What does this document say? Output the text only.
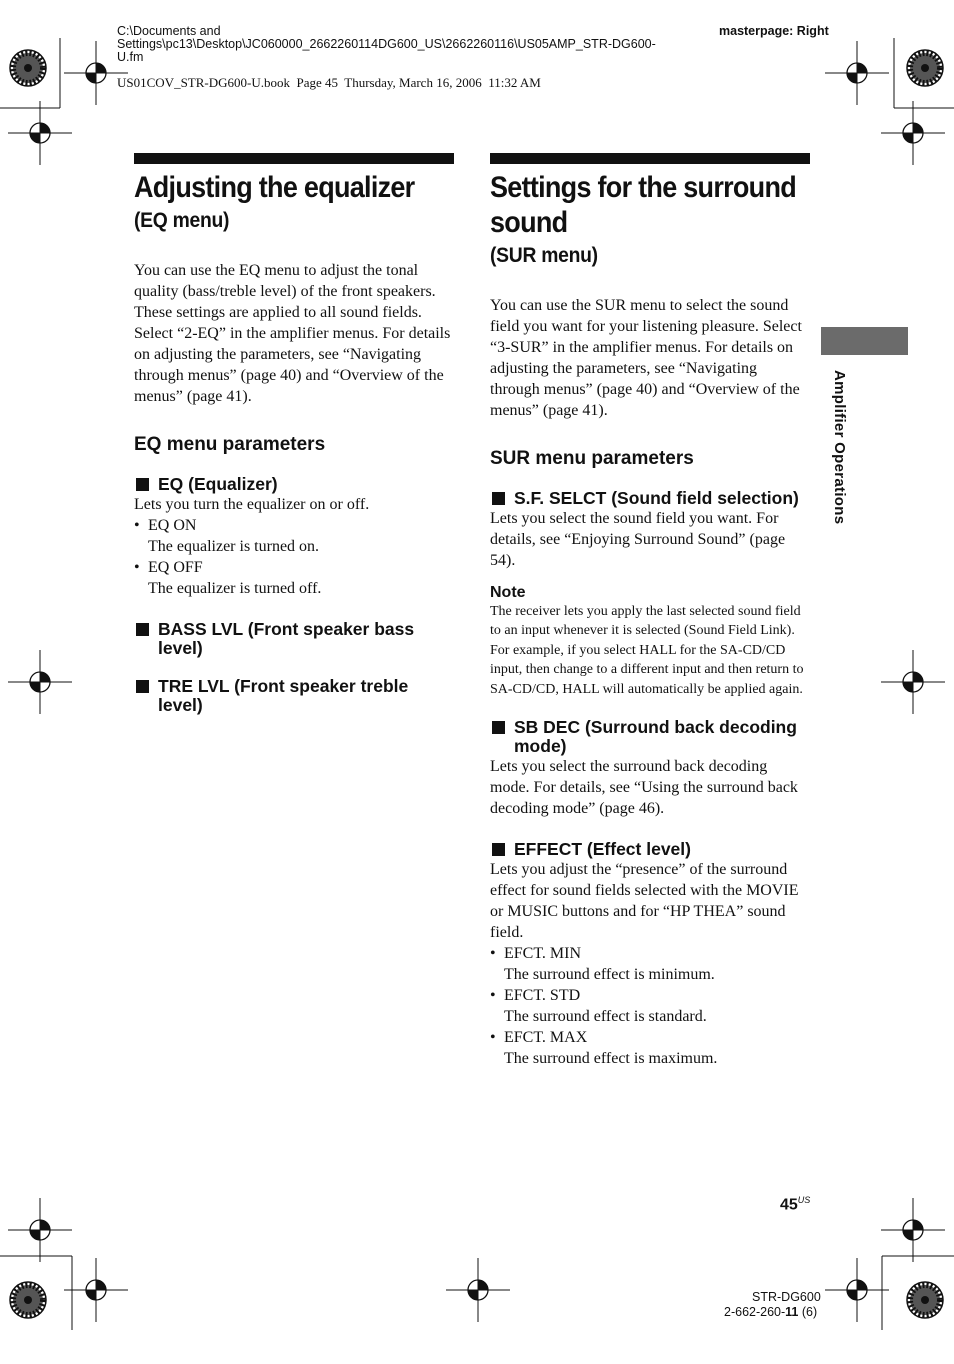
C:\Documents and
Settings\pc13\Desktop\JC060000_2662260114DG600_US\2662260116\US05AMP_STR-DG600-
U.fm
masterpage: Right
US01COV_STR-DG600-U.book  Page 45  Thursday, March 16, 2006  11:32 AM
Adjusting the equalizer
(EQ menu)

You can use the EQ menu to adjust the tonal quality (bass/treble level) of the front speakers. These settings are applied to all sound fields. Select “2-EQ” in the amplifier menus. For details on adjusting the parameters, see “Navigating through menus” (page 40) and “Overview of the menus” (page 41).

EQ menu parameters
EQ (Equalizer)
Lets you turn the equalizer on or off.
• EQ ON
The equalizer is turned on.
• EQ OFF
The equalizer is turned off.
BASS LVL (Front speaker bass level)
TRE LVL (Front speaker treble level)
Settings for the surround sound
(SUR menu)

You can use the SUR menu to select the sound field you want for your listening pleasure. Select “3-SUR” in the amplifier menus. For details on adjusting the parameters, see “Navigating through menus” (page 40) and “Overview of the menus” (page 41).

SUR menu parameters
S.F. SELCT (Sound field selection)

Lets you select the sound field you want. For details, see “Enjoying Surround Sound” (page 54).

Note

The receiver lets you apply the last selected sound field to an input whenever it is selected (Sound Field Link). For example, if you select HALL for the SA-CD/CD input, then change to a different input and then return to SA-CD/CD, HALL will automatically be applied again.

SB DEC (Surround back decoding mode)

Lets you select the surround back decoding mode. For details, see “Using the surround back decoding mode” (page 46).

EFFECT (Effect level)
Lets you adjust the “presence” of the surround effect for sound fields selected with the MOVIE or MUSIC buttons and for “HP THEA” sound field.
• EFCT. MIN
The surround effect is minimum.
• EFCT. STD
The surround effect is standard.
• EFCT. MAX
The surround effect is maximum.
Amplifier Operations
$45^{US}$
STR-DG600
2-662-260-11 (6)
